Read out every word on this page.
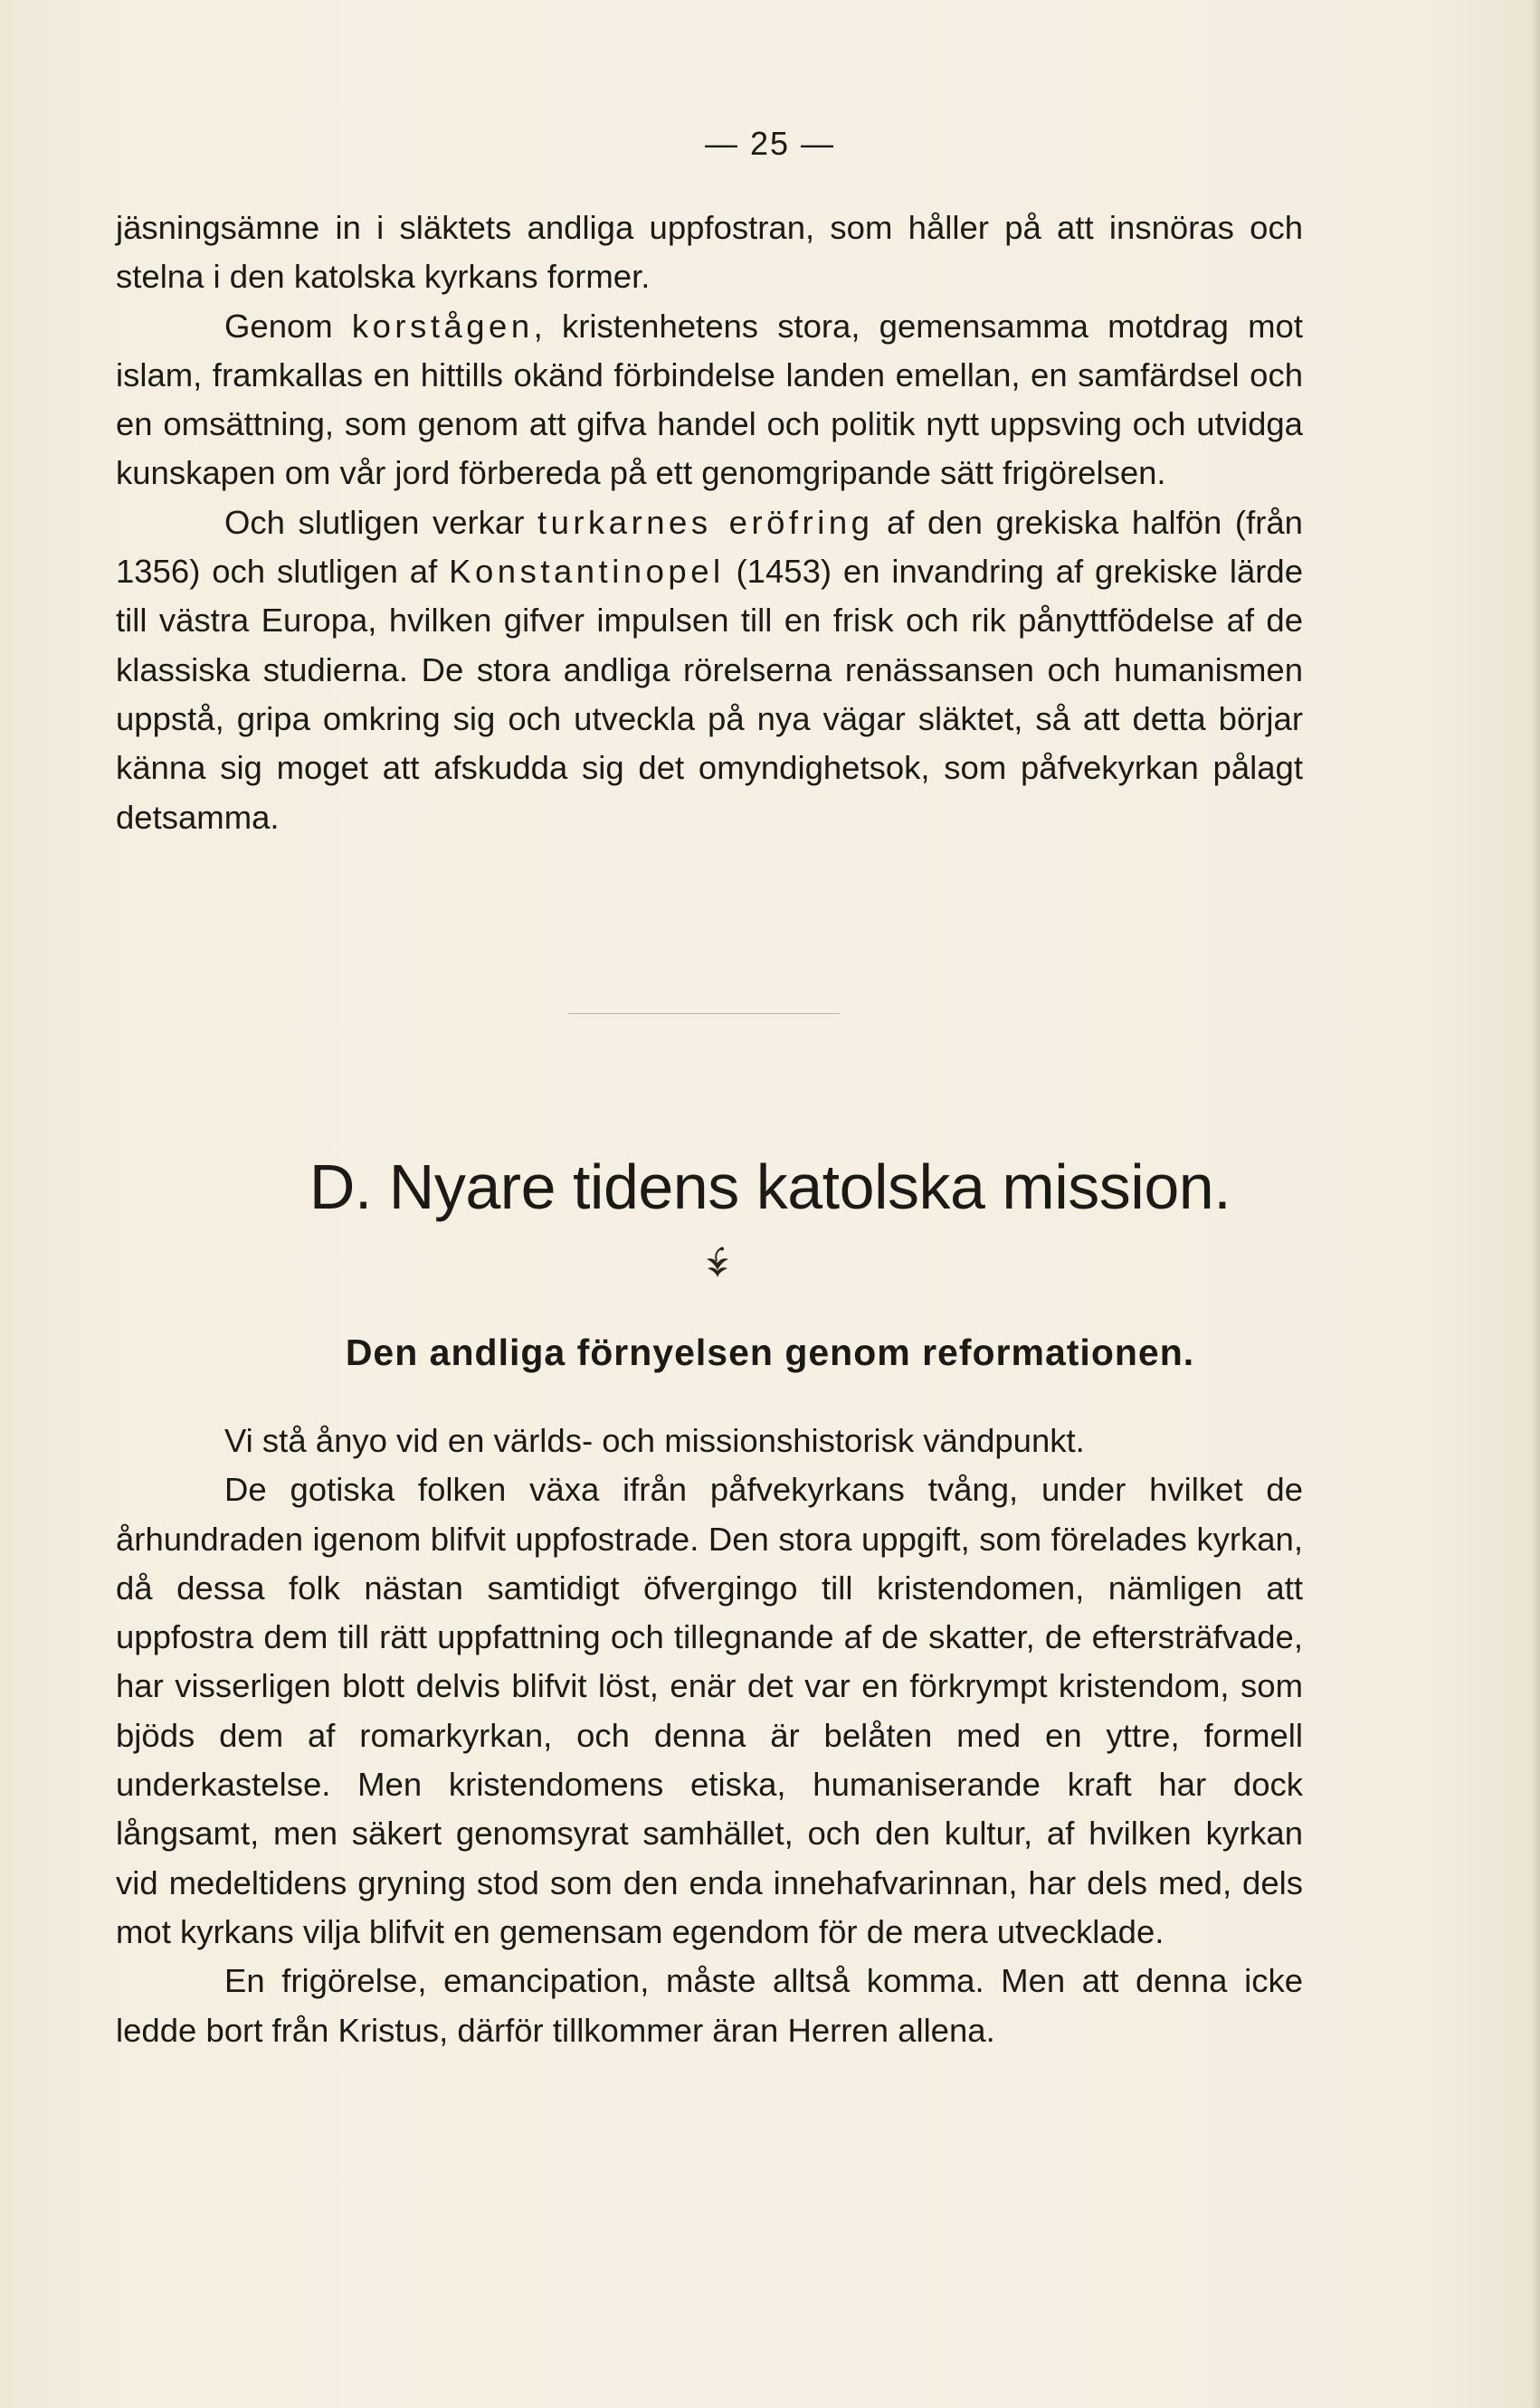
— 25 —

jäsningsämne in i släktets andliga uppfostran, som håller på att insnöras och stelna i den katolska kyrkans former.

Genom korstågen, kristenhetens stora, gemensamma motdrag mot islam, framkallas en hittills okänd förbindelse landen emellan, en samfärdsel och en omsättning, som genom att gifva handel och politik nytt uppsving och utvidga kunskapen om vår jord förbereda på ett genomgripande sätt frigörelsen.

Och slutligen verkar turkarnes eröfring af den grekiska halfön (från 1356) och slutligen af Konstantinopel (1453) en invandring af grekiske lärde till västra Europa, hvilken gifver impulsen till en frisk och rik pånyttfödelse af de klassiska studierna. De stora andliga rörelserna renässansen och humanismen uppstå, gripa omkring sig och utveckla på nya vägar släktet, så att detta börjar känna sig moget att afskudda sig det omyndighetsok, som påfvekyrkan pålagt detsamma.

D. Nyare tidens katolska mission.
Den andliga förnyelsen genom reformationen.

Vi stå ånyo vid en världs- och missionshistorisk vändpunkt.

De gotiska folken växa ifrån påfvekyrkans tvång, under hvilket de århundraden igenom blifvit uppfostrade. Den stora uppgift, som förelades kyrkan, då dessa folk nästan samtidigt öfvergingo till kristendomen, nämligen att uppfostra dem till rätt uppfattning och tillegnande af de skatter, de eftersträfvade, har visserligen blott delvis blifvit löst, enär det var en förkrympt kristendom, som bjöds dem af romarkyrkan, och denna är belåten med en yttre, formell underkastelse. Men kristendomens etiska, humaniserande kraft har dock långsamt, men säkert genomsyrat samhället, och den kultur, af hvilken kyrkan vid medeltidens gryning stod som den enda innehafvarinnan, har dels med, dels mot kyrkans vilja blifvit en gemensam egendom för de mera utvecklade.

En frigörelse, emancipation, måste alltså komma. Men att denna icke ledde bort från Kristus, därför tillkommer äran Herren allena.
